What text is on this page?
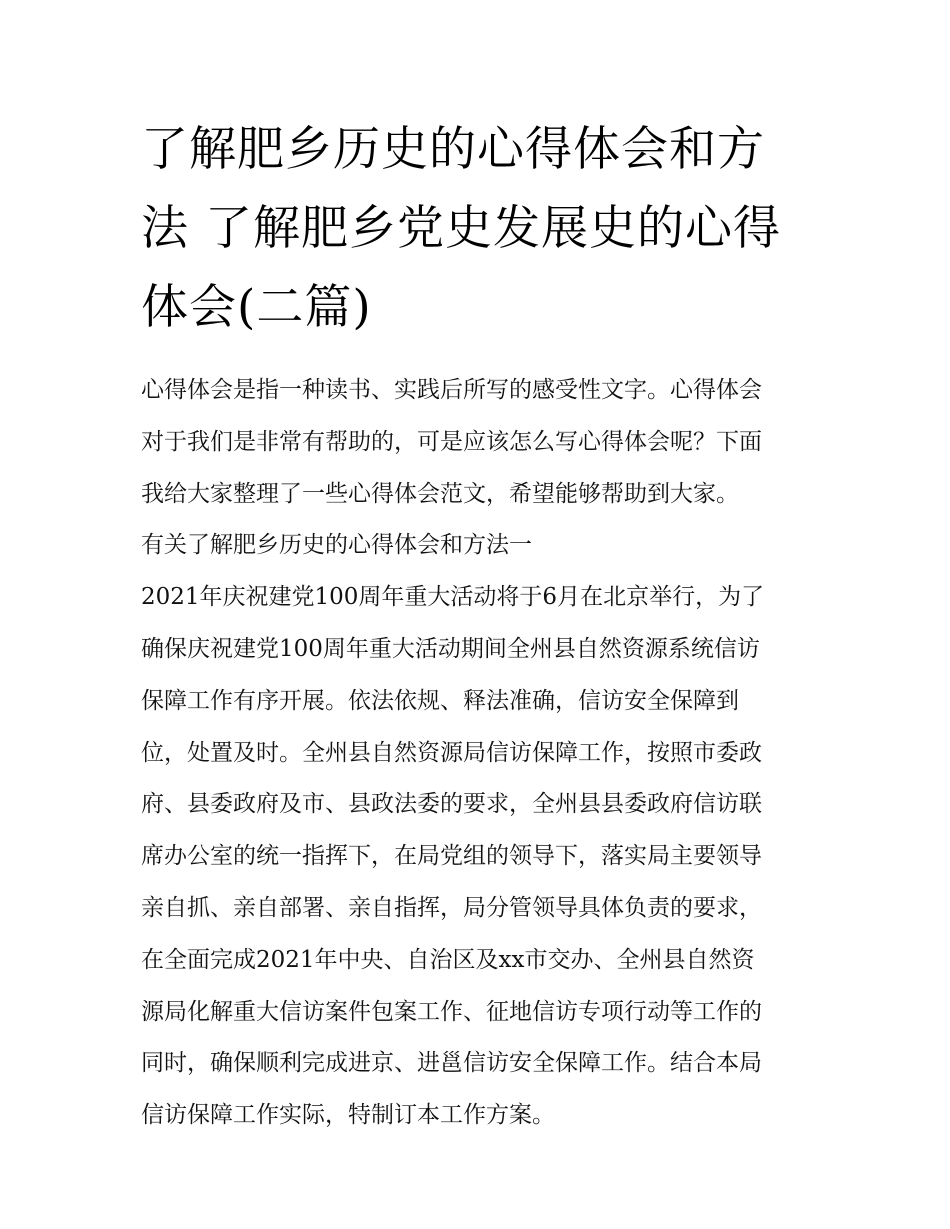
了解肥乡历史的心得体会和方
法 了解肥乡党史发展史的心得
体会(二篇)
心得体会是指一种读书、实践后所写的感受性文字。心得体会
对于我们是非常有帮助的，可是应该怎么写心得体会呢？下面
我给大家整理了一些心得体会范文，希望能够帮助到大家。
有关了解肥乡历史的心得体会和方法一
2021年庆祝建党100周年重大活动将于6月在北京举行，为了
确保庆祝建党100周年重大活动期间全州县自然资源系统信访
保障工作有序开展。依法依规、释法准确，信访安全保障到
位，处置及时。全州县自然资源局信访保障工作，按照市委政
府、县委政府及市、县政法委的要求，全州县县委政府信访联
席办公室的统一指挥下，在局党组的领导下，落实局主要领导
亲自抓、亲自部署、亲自指挥，局分管领导具体负责的要求，
在全面完成2021年中央、自治区及xx市交办、全州县自然资
源局化解重大信访案件包案工作、征地信访专项行动等工作的
同时，确保顺利完成进京、进邕信访安全保障工作。结合本局
信访保障工作实际，特制订本工作方案。
